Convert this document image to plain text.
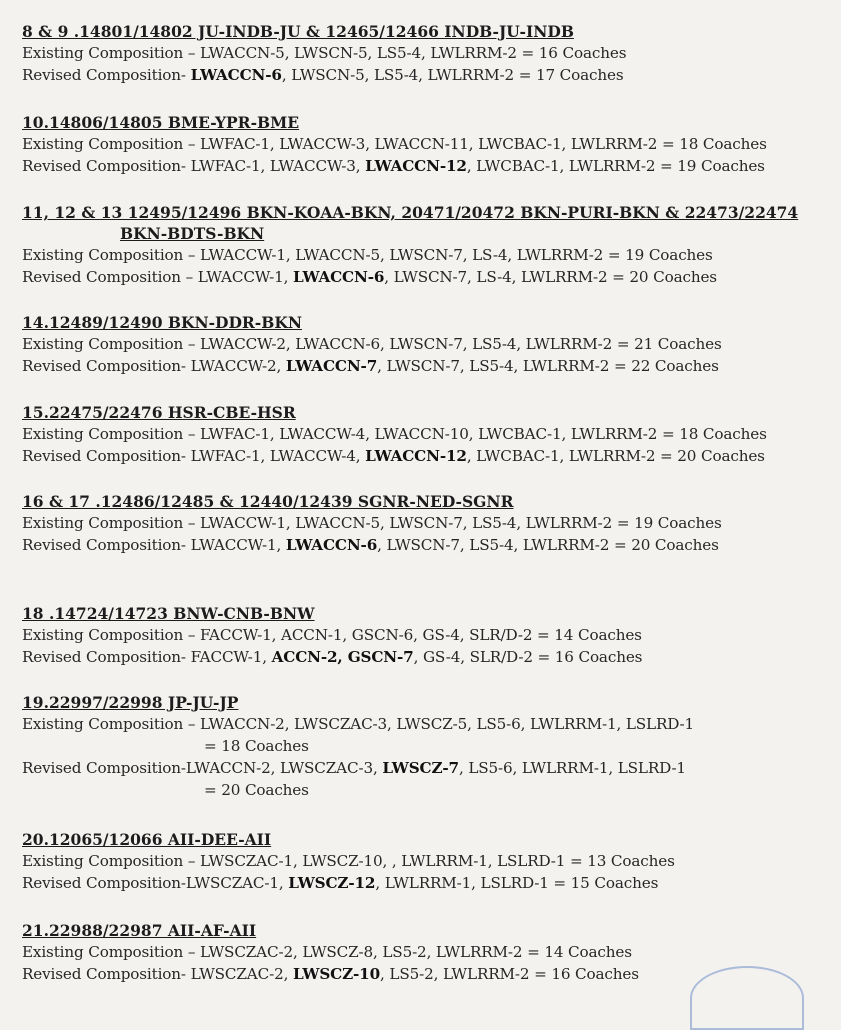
8 & 9 .14801/14802 JU-INDB-JU & 12465/12466 INDB-JU-INDB
Existing Composition – LWACCN-5, LWSCN-5, LS5-4, LWLRRM-2 = 16 Coaches
Revised Composition- LWACCN-6, LWSCN-5, LS5-4, LWLRRM-2 = 17 Coaches
10.14806/14805 BME-YPR-BME
Existing Composition – LWFAC-1, LWACCW-3, LWACCN-11, LWCBAC-1, LWLRRM-2 = 18 Coaches
Revised Composition- LWFAC-1, LWACCW-3, LWACCN-12, LWCBAC-1, LWLRRM-2 = 19 Coaches
11, 12 & 13 12495/12496 BKN-KOAA-BKN, 20471/20472 BKN-PURI-BKN & 22473/22474
BKN-BDTS-BKN
Existing Composition – LWACCW-1, LWACCN-5, LWSCN-7, LS-4, LWLRRM-2 = 19 Coaches
Revised Composition – LWACCW-1, LWACCN-6, LWSCN-7, LS-4, LWLRRM-2 = 20 Coaches
14.12489/12490 BKN-DDR-BKN
Existing Composition – LWACCW-2, LWACCN-6, LWSCN-7, LS5-4, LWLRRM-2 = 21 Coaches
Revised Composition- LWACCW-2, LWACCN-7, LWSCN-7, LS5-4, LWLRRM-2 = 22 Coaches
15.22475/22476 HSR-CBE-HSR
Existing Composition – LWFAC-1, LWACCW-4, LWACCN-10, LWCBAC-1, LWLRRM-2 = 18 Coaches
Revised Composition- LWFAC-1, LWACCW-4, LWACCN-12, LWCBAC-1, LWLRRM-2 = 20 Coaches
16 & 17 .12486/12485 & 12440/12439 SGNR-NED-SGNR
Existing Composition – LWACCW-1, LWACCN-5, LWSCN-7, LS5-4, LWLRRM-2 = 19 Coaches
Revised Composition- LWACCW-1, LWACCN-6, LWSCN-7, LS5-4, LWLRRM-2 = 20 Coaches
18 .14724/14723 BNW-CNB-BNW
Existing Composition – FACCW-1, ACCN-1, GSCN-6, GS-4, SLR/D-2 = 14 Coaches
Revised Composition- FACCW-1, ACCN-2, GSCN-7, GS-4, SLR/D-2 = 16 Coaches
19.22997/22998 JP-JU-JP
Existing Composition – LWACCN-2, LWSCZAC-3, LWSCZ-5, LS5-6, LWLRRM-1, LSLRD-1
= 18 Coaches
Revised Composition-LWACCN-2, LWSCZAC-3, LWSCZ-7, LS5-6, LWLRRM-1, LSLRD-1
= 20 Coaches
20.12065/12066 AII-DEE-AII
Existing Composition – LWSCZAC-1, LWSCZ-10, , LWLRRM-1, LSLRD-1 = 13 Coaches
Revised Composition-LWSCZAC-1, LWSCZ-12, LWLRRM-1, LSLRD-1 = 15 Coaches
21.22988/22987 AII-AF-AII
Existing Composition – LWSCZAC-2, LWSCZ-8, LS5-2, LWLRRM-2 = 14 Coaches
Revised Composition- LWSCZAC-2, LWSCZ-10, LS5-2, LWLRRM-2 = 16 Coaches
